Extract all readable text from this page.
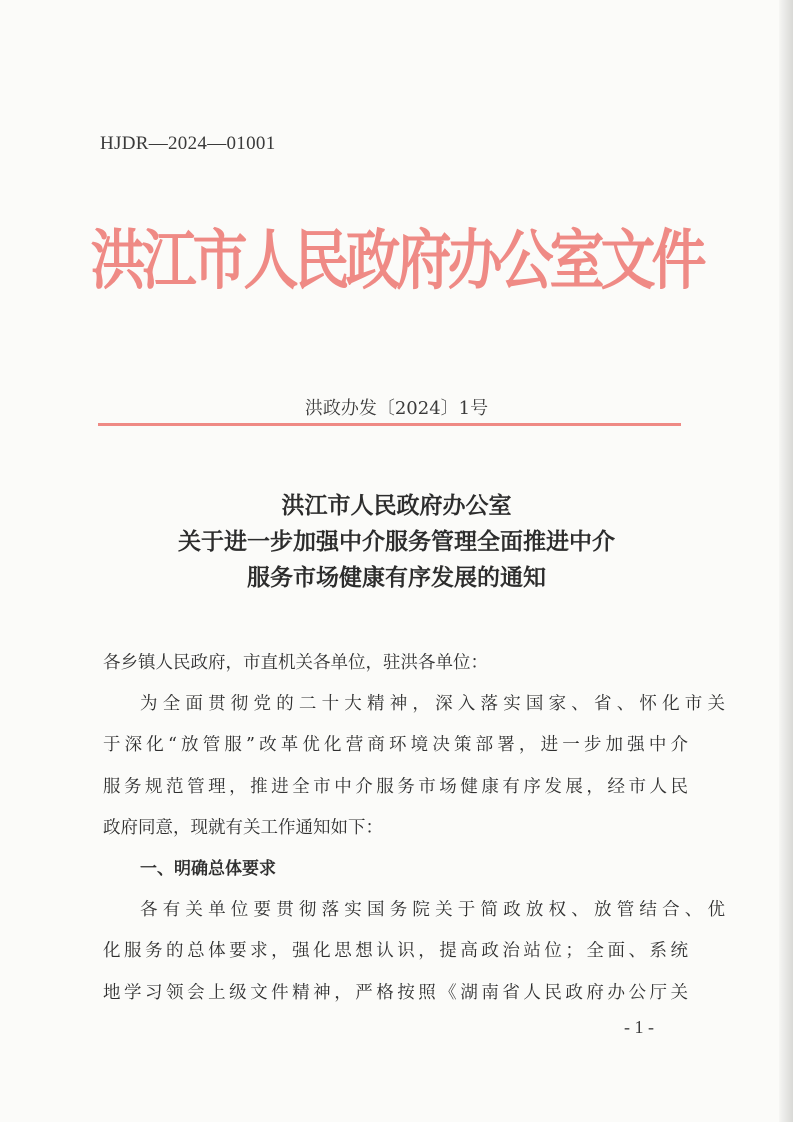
HJDR—2024—01001
洪江市人民政府办公室文件
洪政办发〔2024〕1号
洪江市人民政府办公室
关于进一步加强中介服务管理全面推进中介
服务市场健康有序发展的通知
各乡镇人民政府，市直机关各单位，驻洪各单位：
为全面贯彻党的二十大精神，深入落实国家、省、怀化市关
于深化“放管服”改革优化营商环境决策部署，进一步加强中介
服务规范管理，推进全市中介服务市场健康有序发展，经市人民
政府同意，现就有关工作通知如下：
一、明确总体要求
各有关单位要贯彻落实国务院关于简政放权、放管结合、优
化服务的总体要求，强化思想认识，提高政治站位；全面、系统
地学习领会上级文件精神，严格按照《湖南省人民政府办公厅关
- 1 -
